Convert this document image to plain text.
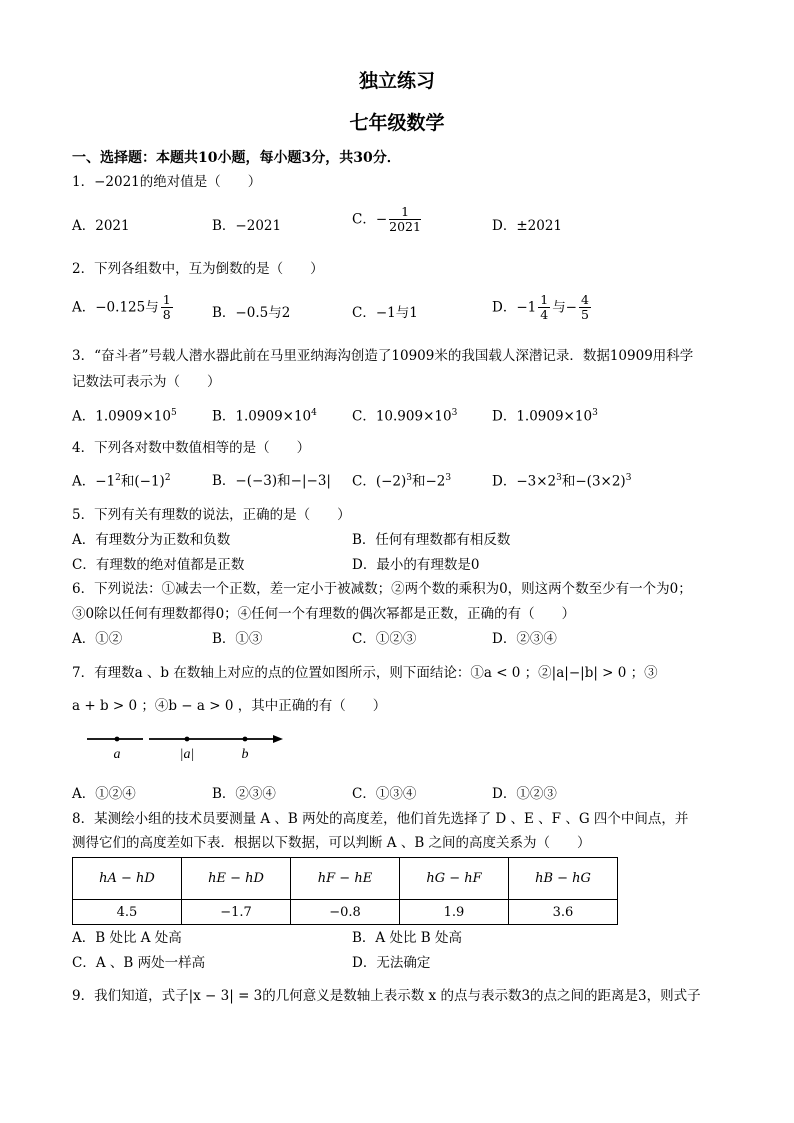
独立练习
七年级数学
一、选择题：本题共10小题，每小题3分，共30分．
1．−2021的绝对值是（　　）
A．2021	B．−2021	C．− $\frac{1}{2021}$	D．±2021
2．下列各组数中，互为倒数的是（　　）
A．−0.125与 $\frac{1}{8}$	B．−0.5与2	C．−1与1	D．$-1 \frac{1}{4}$ 与− $\frac{4}{5}$
3．“奋斗者”号载人潜水器此前在马里亚纳海沟创造了10909米的我国载人深潜记录．数据10909用科学
记数法可表示为（　　）
A．$1.0909\times 10^5$	B．$1.0909\times 10^4$	C．$10.909\times 10^3$	D．$1.0909\times 10^3$
4．下列各对数中数值相等的是（　　）
A．$-1^2$和$(-1)^2$	B．−(−3)和−|−3| C．$(-2)^3$和$-2^3$	D．$-3\times 2^3$和$-(3\times 2)^3$
5．下列有关有理数的说法，正确的是（　　）
A．有理数分为正数和负数	B．任何有理数都有相反数
C．有理数的绝对值都是正数	D．最小的有理数是0
6．下列说法：①减去一个正数，差一定小于被减数；②两个数的乘积为0，则这两个数至少有一个为0；
③0除以任何有理数都得0；④任何一个有理数的偶次幂都是正数，正确的有（　　）
A．①②	B．①③	C．①②③	D．②③④
7．有理数a 、b 在数轴上对应的点的位置如图所示，则下面结论：①a < 0 ；②|a|−|b| > 0 ；③
a + b > 0 ；④b − a > 0 ，其中正确的有（　　）
a	|a|	b
A．①②④	B．②③④	C．①③④	D．①②③
8．某测绘小组的技术员要测量 A 、B 两处的高度差，他们首先选择了 D 、E 、F 、G 四个中间点，并
测得它们的高度差如下表．根据以下数据，可以判断 A 、B 之间的高度关系为（　　）
hA − hD	hE − hD	hF − hE	hG − hF	hB − hG
4.5	−1.7	−0.8	1.9	3.6
A．B 处比 A 处高	B．A 处比 B 处高
C．A 、B 两处一样高	D．无法确定
9．我们知道，式子|x − 3| = 3的几何意义是数轴上表示数 x 的点与表示数3的点之间的距离是3，则式子
